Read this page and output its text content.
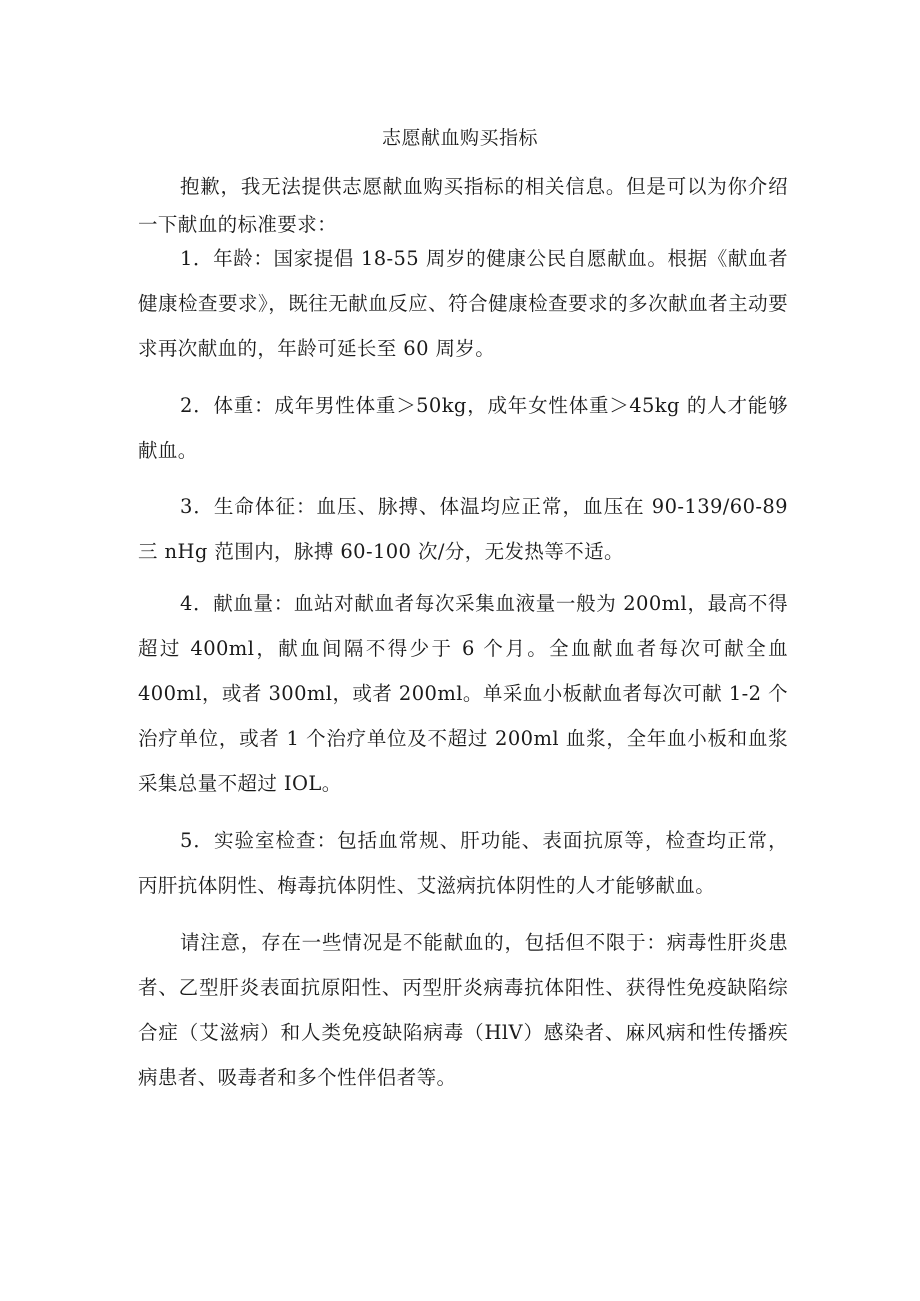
志愿献血购买指标

抱歉，我无法提供志愿献血购买指标的相关信息。但是可以为你介绍一下献血的标准要求：

1．年龄：国家提倡 18-55 周岁的健康公民自愿献血。根据《献血者健康检查要求》，既往无献血反应、符合健康检查要求的多次献血者主动要求再次献血的，年龄可延长至 60 周岁。

2．体重：成年男性体重＞50kg，成年女性体重＞45kg 的人才能够献血。

3．生命体征：血压、脉搏、体温均应正常，血压在 90-139/60-89三 nHg 范围内，脉搏 60-100 次/分，无发热等不适。

4．献血量：血站对献血者每次采集血液量一般为 200ml，最高不得超过 400ml，献血间隔不得少于 6 个月。全血献血者每次可献全血 400ml，或者 300ml，或者 200ml。单采血小板献血者每次可献 1-2 个治疗单位，或者 1 个治疗单位及不超过 200ml 血浆，全年血小板和血浆采集总量不超过 IOL。

5．实验室检查：包括血常规、肝功能、表面抗原等，检查均正常，丙肝抗体阴性、梅毒抗体阴性、艾滋病抗体阴性的人才能够献血。

请注意，存在一些情况是不能献血的，包括但不限于：病毒性肝炎患者、乙型肝炎表面抗原阳性、丙型肝炎病毒抗体阳性、获得性免疫缺陷综合症（艾滋病）和人类免疫缺陷病毒（HlV）感染者、麻风病和性传播疾病患者、吸毒者和多个性伴侣者等。
